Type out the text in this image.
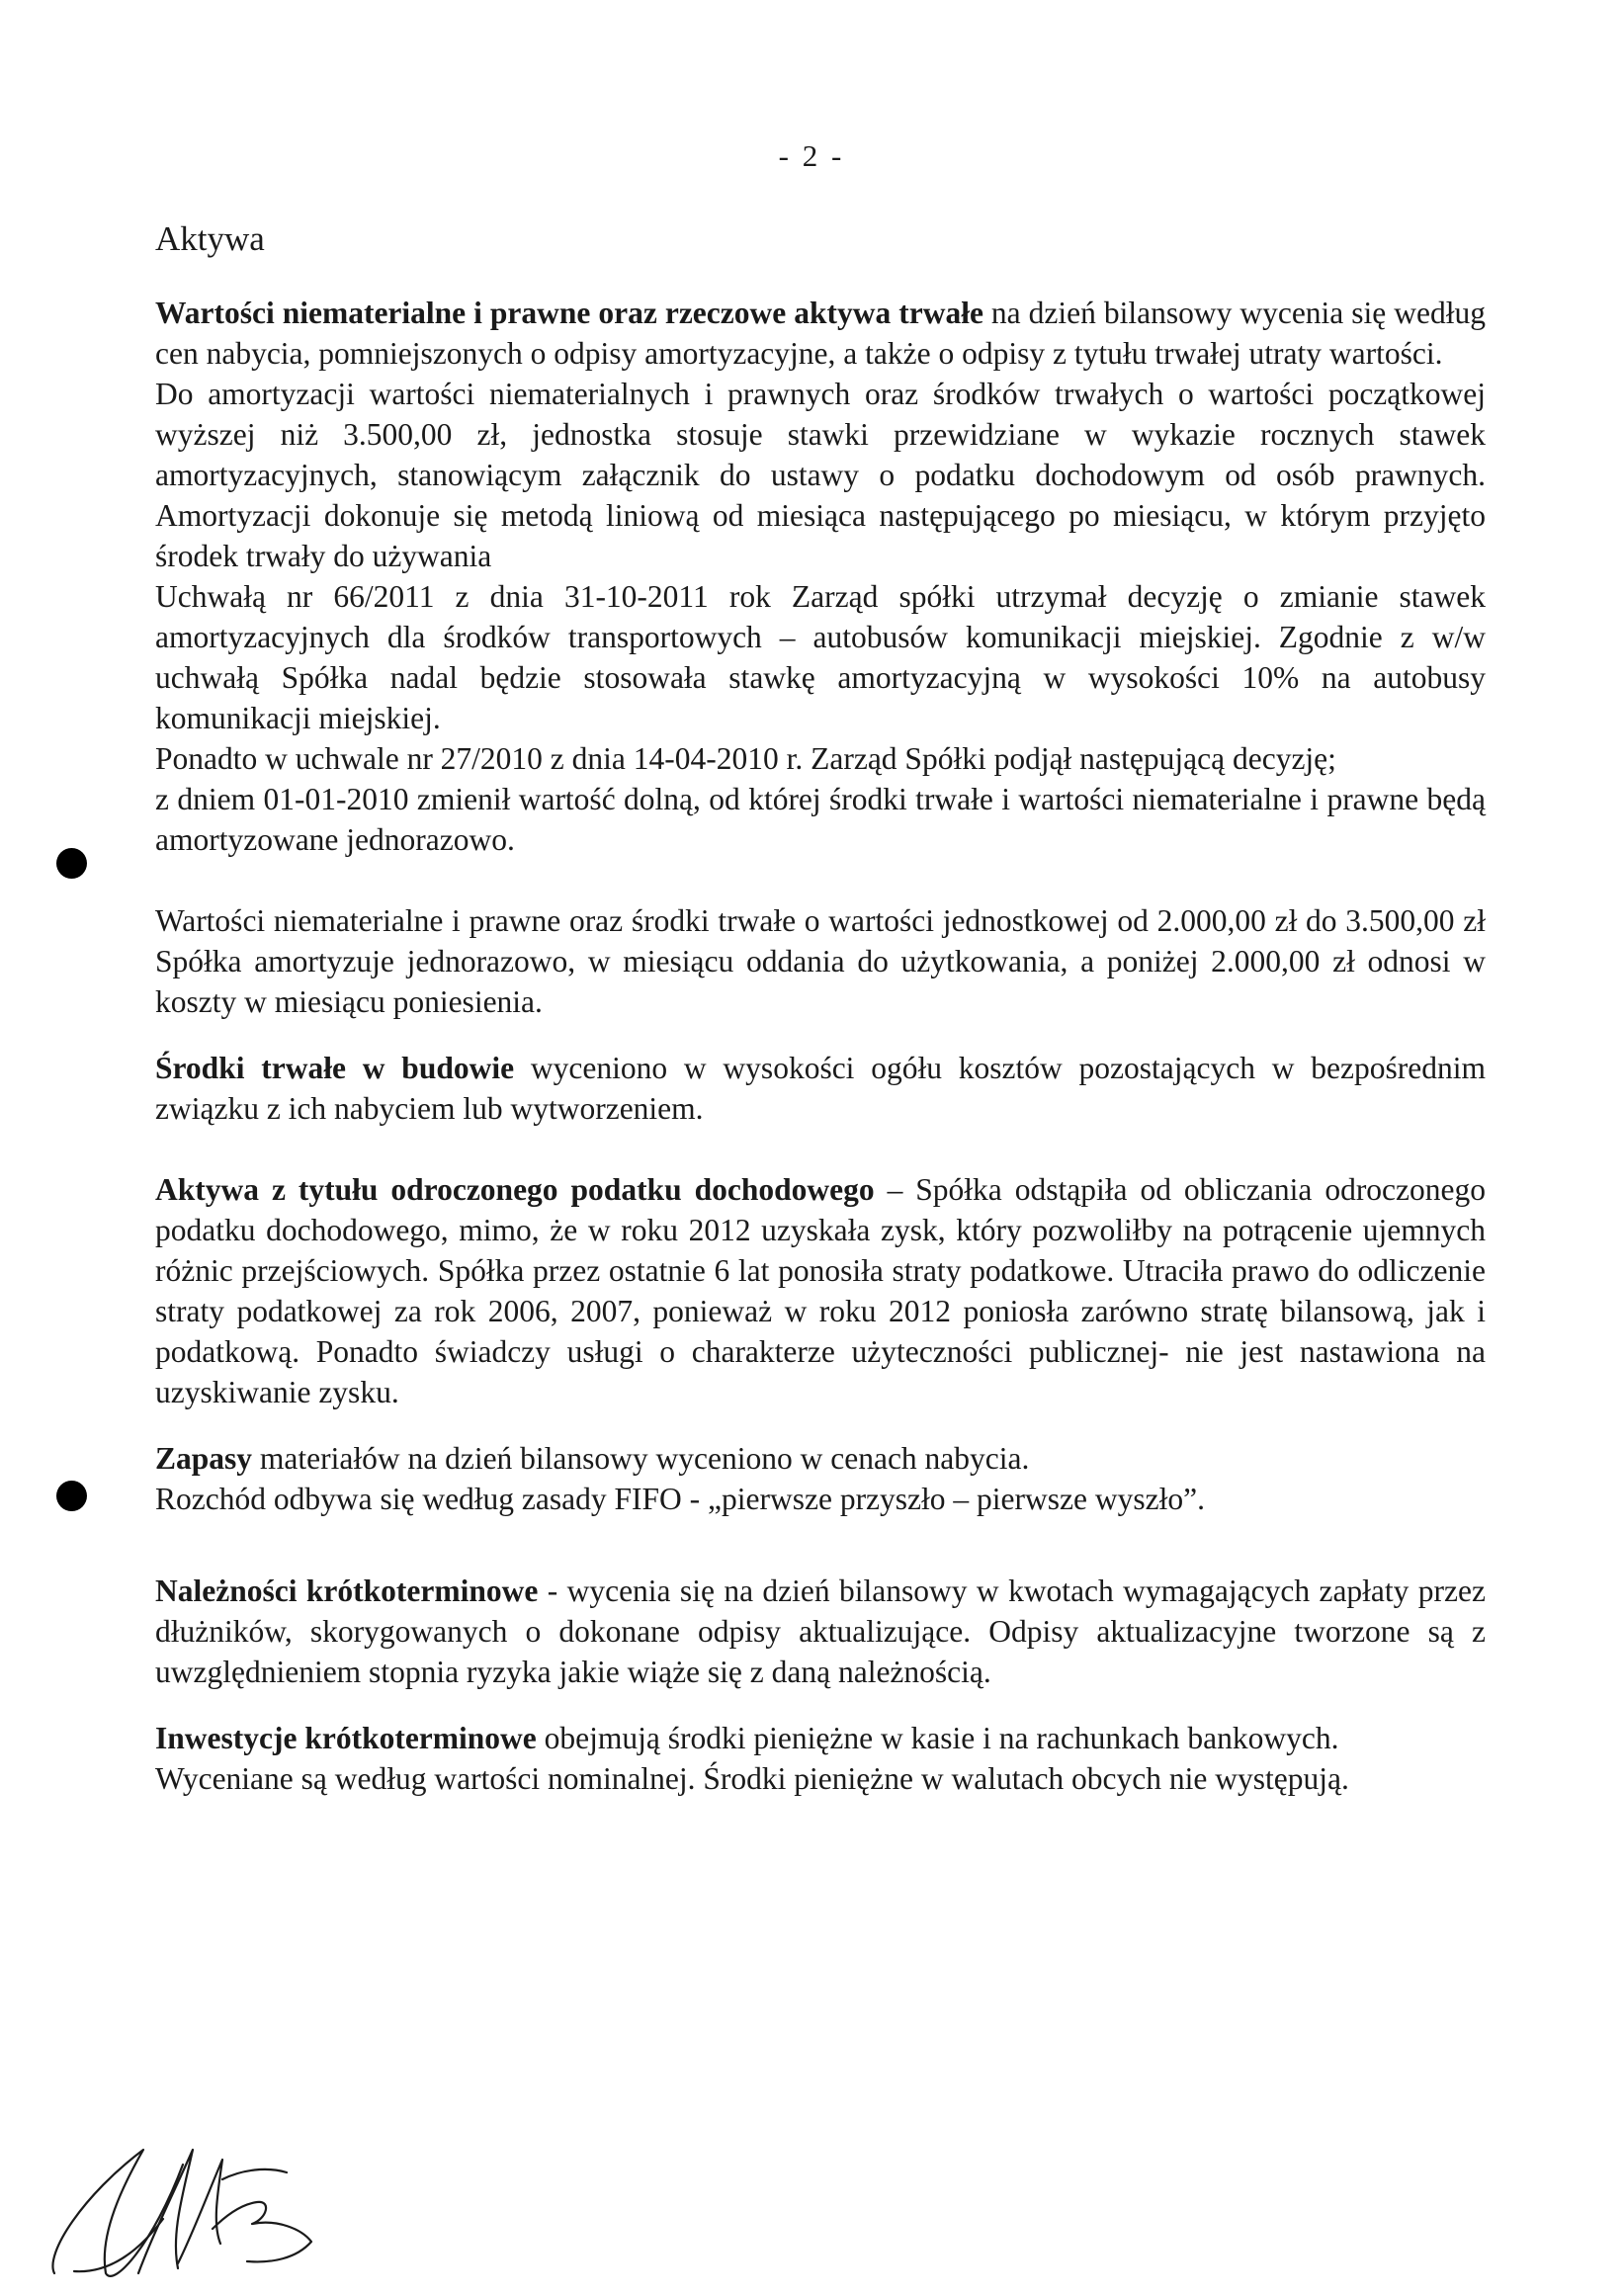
- 2 -
Aktywa

Wartości niematerialne i prawne oraz rzeczowe aktywa trwałe na dzień bilansowy wycenia się według cen nabycia, pomniejszonych o odpisy amortyzacyjne, a także o odpisy z tytułu trwałej utraty wartości.

Do amortyzacji wartości niematerialnych i prawnych oraz środków trwałych o wartości początkowej wyższej niż 3.500,00 zł, jednostka stosuje stawki przewidziane w wykazie rocznych stawek amortyzacyjnych, stanowiącym załącznik do ustawy o podatku dochodowym od osób prawnych. Amortyzacji dokonuje się metodą liniową od miesiąca następującego po miesiącu, w którym przyjęto środek trwały do używania

Uchwałą nr 66/2011 z dnia 31-10-2011 rok Zarząd spółki utrzymał decyzję o zmianie stawek amortyzacyjnych dla środków transportowych – autobusów komunikacji miejskiej. Zgodnie z w/w uchwałą Spółka nadal będzie stosowała stawkę amortyzacyjną w wysokości 10% na autobusy komunikacji miejskiej.

Ponadto w uchwale nr 27/2010 z dnia 14-04-2010 r. Zarząd Spółki podjął następującą decyzję;

z dniem 01-01-2010 zmienił wartość dolną, od której środki trwałe i wartości niematerialne i prawne będą amortyzowane jednorazowo.

Wartości niematerialne i prawne oraz środki trwałe o wartości jednostkowej od 2.000,00 zł do 3.500,00 zł Spółka amortyzuje jednorazowo, w miesiącu oddania do użytkowania, a poniżej 2.000,00 zł odnosi w koszty w miesiącu poniesienia.

Środki trwałe w budowie wyceniono w wysokości ogółu kosztów pozostających w bezpośrednim związku z ich nabyciem lub wytworzeniem.

Aktywa z tytułu odroczonego podatku dochodowego – Spółka odstąpiła od obliczania odroczonego podatku dochodowego, mimo, że w roku 2012 uzyskała zysk, który pozwoliłby na potrącenie ujemnych różnic przejściowych. Spółka przez ostatnie 6 lat ponosiła straty podatkowe. Utraciła prawo do odliczenie straty podatkowej za rok 2006, 2007, ponieważ w roku 2012 poniosła zarówno stratę bilansową, jak i podatkową. Ponadto świadczy usługi o charakterze użyteczności publicznej- nie jest nastawiona na uzyskiwanie zysku.

Zapasy materiałów na dzień bilansowy wyceniono w cenach nabycia.

Rozchód odbywa się według zasady FIFO - „pierwsze przyszło – pierwsze wyszło”.

Należności krótkoterminowe - wycenia się na dzień bilansowy w kwotach wymagających zapłaty przez dłużników, skorygowanych o dokonane odpisy aktualizujące. Odpisy aktualizacyjne tworzone są z uwzględnieniem stopnia ryzyka jakie wiąże się z daną należnością.

Inwestycje krótkoterminowe obejmują środki pieniężne w kasie i na rachunkach bankowych.

Wyceniane są według wartości nominalnej. Środki pieniężne w walutach obcych nie występują.
